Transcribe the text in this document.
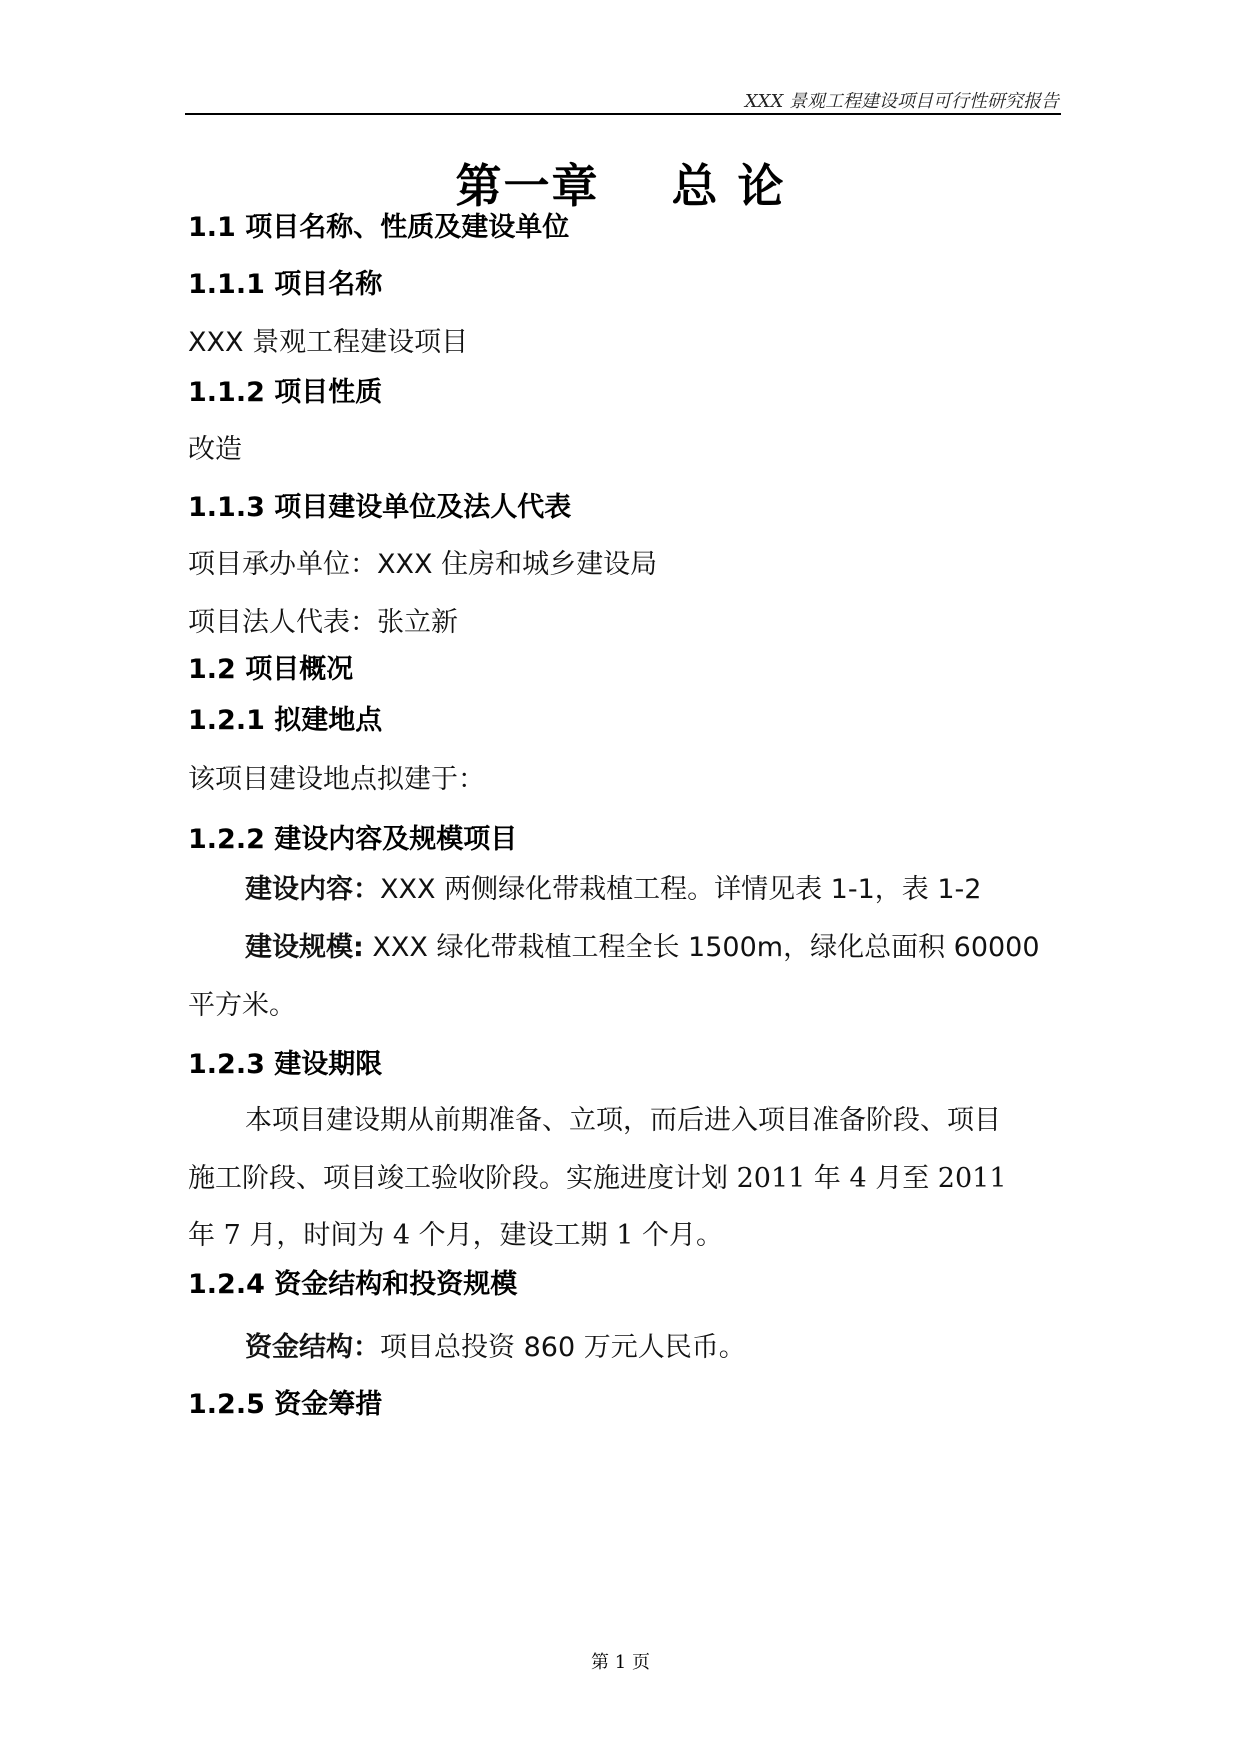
XXX 景观工程建设项目可行性研究报告
第一章    总 论
1.1 项目名称、性质及建设单位
1.1.1 项目名称
XXX 景观工程建设项目
1.1.2 项目性质
改造
1.1.3 项目建设单位及法人代表
项目承办单位：XXX 住房和城乡建设局
项目法人代表：张立新
1.2 项目概况
1.2.1 拟建地点
该项目建设地点拟建于：
1.2.2 建设内容及规模项目
建设内容：XXX 两侧绿化带栽植工程。详情见表 1-1，表 1-2
建设规模: XXX 绿化带栽植工程全长 1500m，绿化总面积 60000
平方米。
1.2.3 建设期限
本项目建设期从前期准备、立项，而后进入项目准备阶段、项目
施工阶段、项目竣工验收阶段。实施进度计划 2011 年 4 月至 2011
年 7 月，时间为 4 个月，建设工期 1 个月。
1.2.4 资金结构和投资规模
资金结构：项目总投资 860 万元人民币。
1.2.5 资金筹措
第 1 页
